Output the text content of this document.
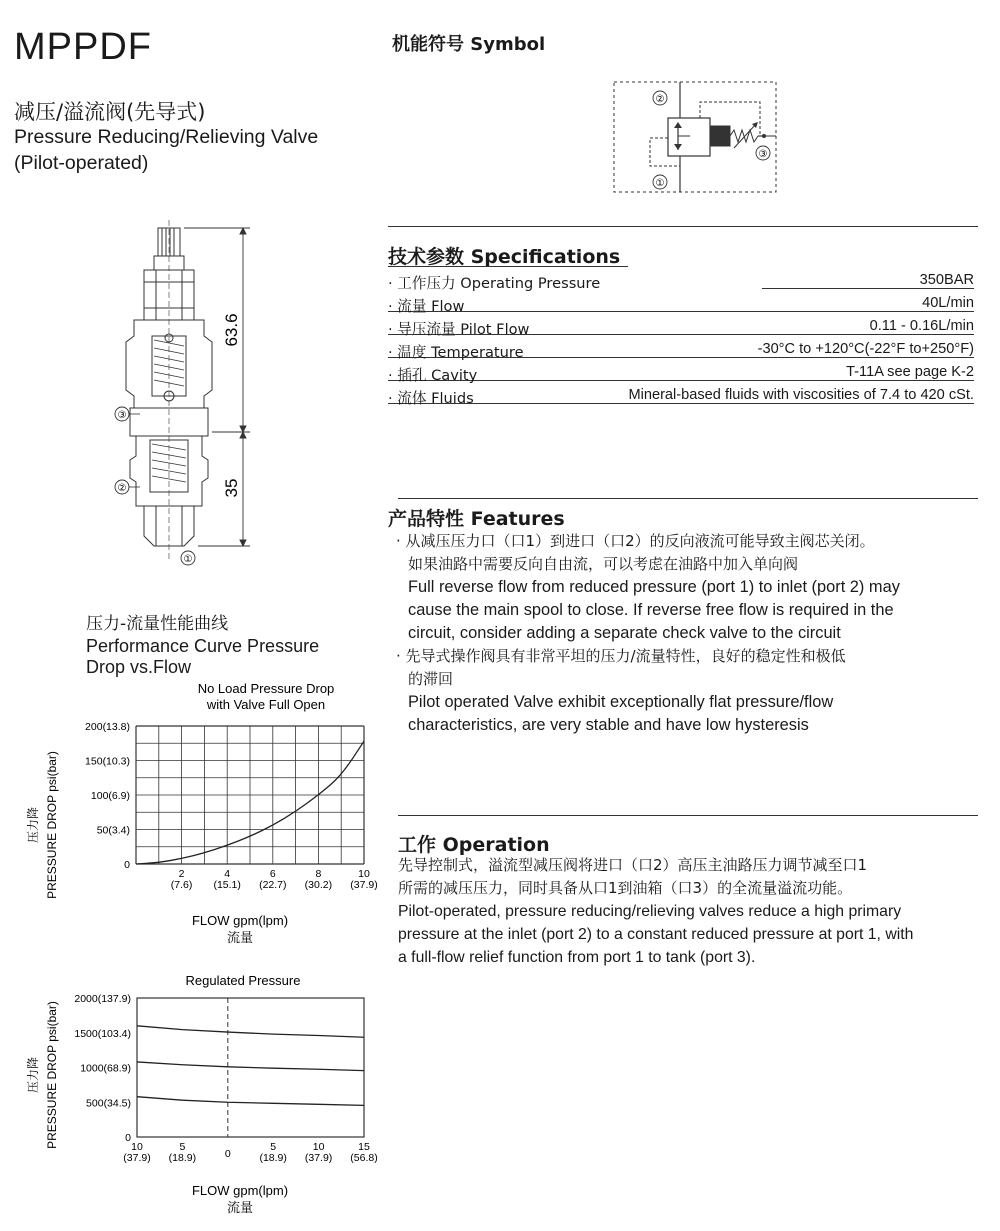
MPPDF
减压/溢流阀(先导式)
Pressure Reducing/Relieving Valve
(Pilot-operated)
机能符号 Symbol
②
①
③
63.6
35
③
②
①
技术参数 Specifications
· 工作压力 Operating Pressure	350BAR
· 流量 Flow	40L/min
· 导压流量 Pilot Flow	0.11 - 0.16L/min
· 温度 Temperature	-30°C to +120°C(-22°F to+250°F)
· 插孔 Cavity	T-11A see page K-2
· 流体 Fluids	Mineral-based fluids with viscosities of 7.4 to 420 cSt.
产品特性 Features
· 从减压压力口（口1）到进口（口2）的反向液流可能导致主阀芯关闭。
如果油路中需要反向自由流，可以考虑在油路中加入单向阀
Full reverse flow from reduced pressure (port 1) to inlet (port 2) may
cause the main spool to close. If reverse free flow is required in the
circuit, consider adding a separate check valve to the circuit
· 先导式操作阀具有非常平坦的压力/流量特性，良好的稳定性和极低
的滞回
Pilot operated Valve exhibit exceptionally flat pressure/flow
characteristics, are very stable and have low hysteresis
工作 Operation
先导控制式，溢流型减压阀将进口（口2）高压主油路压力调节减至口1
所需的减压压力，同时具备从口1到油箱（口3）的全流量溢流功能。
Pilot-operated, pressure reducing/relieving valves reduce a high primary
pressure at the inlet (port 2) to a constant reduced pressure at port 1, with
a full-flow relief function from port 1 to tank (port 3).
压力-流量性能曲线
Performance Curve Pressure
Drop vs.Flow
No Load Pressure Drop
with Valve Full Open
2
(7.6)
4
(15.1)
6
(22.7)
8
(30.2)
10
(37.9)
0
50(3.4)
100(6.9)
150(10.3)
200(13.8)
PRESSURE DROP psi(bar)
压力降
FLOW gpm(lpm)
流量
Regulated Pressure
10
(37.9)
5
(18.9)	0
5
(18.9)
10
(37.9)
15
(56.8)
0
500(34.5)
1000(68.9)
1500(103.4)
2000(137.9)
PRESSURE DROP psi(bar)
压力降
FLOW gpm(lpm)
流量
